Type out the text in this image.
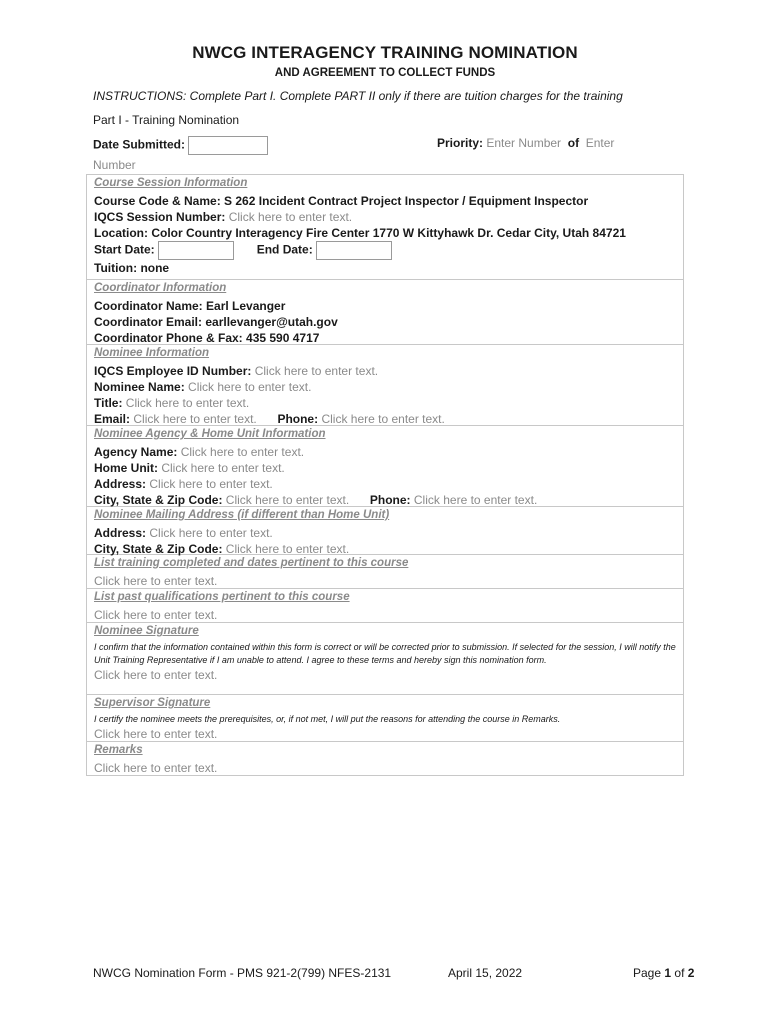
NWCG INTERAGENCY TRAINING NOMINATION
AND AGREEMENT TO COLLECT FUNDS
INSTRUCTIONS: Complete Part I. Complete PART II only if there are tuition charges for the training
Part I - Training Nomination
Date Submitted:	Priority: Enter Number of Enter
Number
Course Session Information
Course Code & Name: S 262 Incident Contract Project Inspector / Equipment Inspector
IQCS Session Number: Click here to enter text.
Location: Color Country Interagency Fire Center 1770 W Kittyhawk Dr. Cedar City, Utah 84721
Start Date:	End Date:
Tuition: none
Coordinator Information
Coordinator Name: Earl Levanger
Coordinator Email: earllevanger@utah.gov
Coordinator Phone & Fax: 435 590 4717
Nominee Information
IQCS Employee ID Number: Click here to enter text.
Nominee Name: Click here to enter text.
Title: Click here to enter text.
Email: Click here to enter text. Phone: Click here to enter text.
Nominee Agency & Home Unit Information
Agency Name: Click here to enter text.
Home Unit: Click here to enter text.
Address: Click here to enter text.
City, State & Zip Code: Click here to enter text. Phone: Click here to enter text.
Nominee Mailing Address (if different than Home Unit)
Address: Click here to enter text.
City, State & Zip Code: Click here to enter text.
List training completed and dates pertinent to this course
Click here to enter text.
List past qualifications pertinent to this course
Click here to enter text.
Nominee Signature
I confirm that the information contained within this form is correct or will be corrected prior to submission. If selected for the session, I will notify the Unit Training Representative if I am unable to attend. I agree to these terms and hereby sign this nomination form.
Click here to enter text.
Supervisor Signature
I certify the nominee meets the prerequisites, or, if not met, I will put the reasons for attending the course in Remarks.
Click here to enter text.
Remarks
Click here to enter text.
NWCG Nomination Form - PMS 921-2(799) NFES-2131	April 15, 2022	Page 1 of 2
